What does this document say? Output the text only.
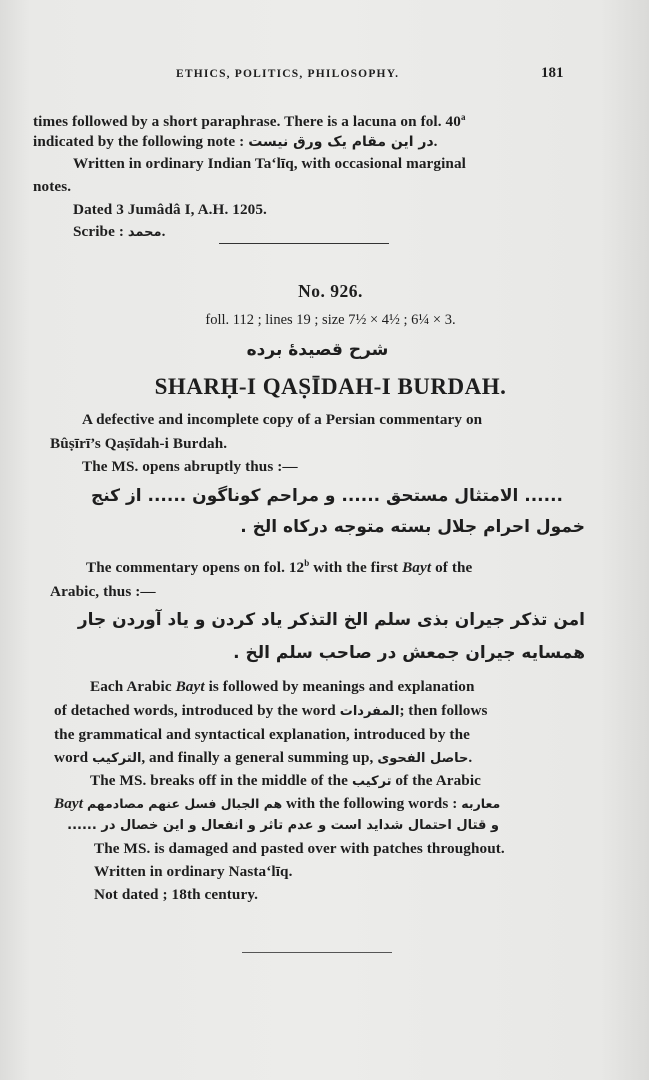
ETHICS, POLITICS, PHILOSOPHY.	181
times followed by a short paraphrase. There is a lacuna on fol. 40$^a$
indicated by the following note : در این مقام یک ورق نیست.
Written in ordinary Indian Ta‘līq, with occasional marginal
notes.
Dated 3 Jumâdâ I, A.H. 1205.
Scribe : محمد.
No. 926.
foll. 112 ; lines 19 ; size 7½ × 4½ ; 6¼ × 3.
شرح قصیدهٔ برده
SHARḤ-I QAṢĪDAH-I BURDAH.
A defective and incomplete copy of a Persian commentary on
Bûṣīrī’s Qaṣīdah-i Burdah.
The MS. opens abruptly thus :—
...... الامتثال مستحق ...... و مراحم کوناگون ...... از کنج
خمول احرام جلال بسته متوجه درکاه الخ .
The commentary opens on fol. 12$^b$ with the first Bayt of the
Arabic, thus :—
امن تذکر جیران بذی سلم الخ التذکر یاد کردن و یاد آوردن جار
همسایه جیران جمعش در صاحب سلم الخ .
Each Arabic Bayt is followed by meanings and explanation
of detached words, introduced by the word المفردات; then follows
the grammatical and syntactical explanation, introduced by the
word الترکیب, and finally a general summing up, حاصل الفحوی.
The MS. breaks off in the middle of the ترکیب of the Arabic
Bayt هم الجبال فسل عنهم مصادمهم with the following words : معاربه
و قتال احتمال شداید است و عدم تاثر و انفعال و این خصال در ......
The MS. is damaged and pasted over with patches throughout.
Written in ordinary Nasta‘līq.
Not dated ; 18th century.
